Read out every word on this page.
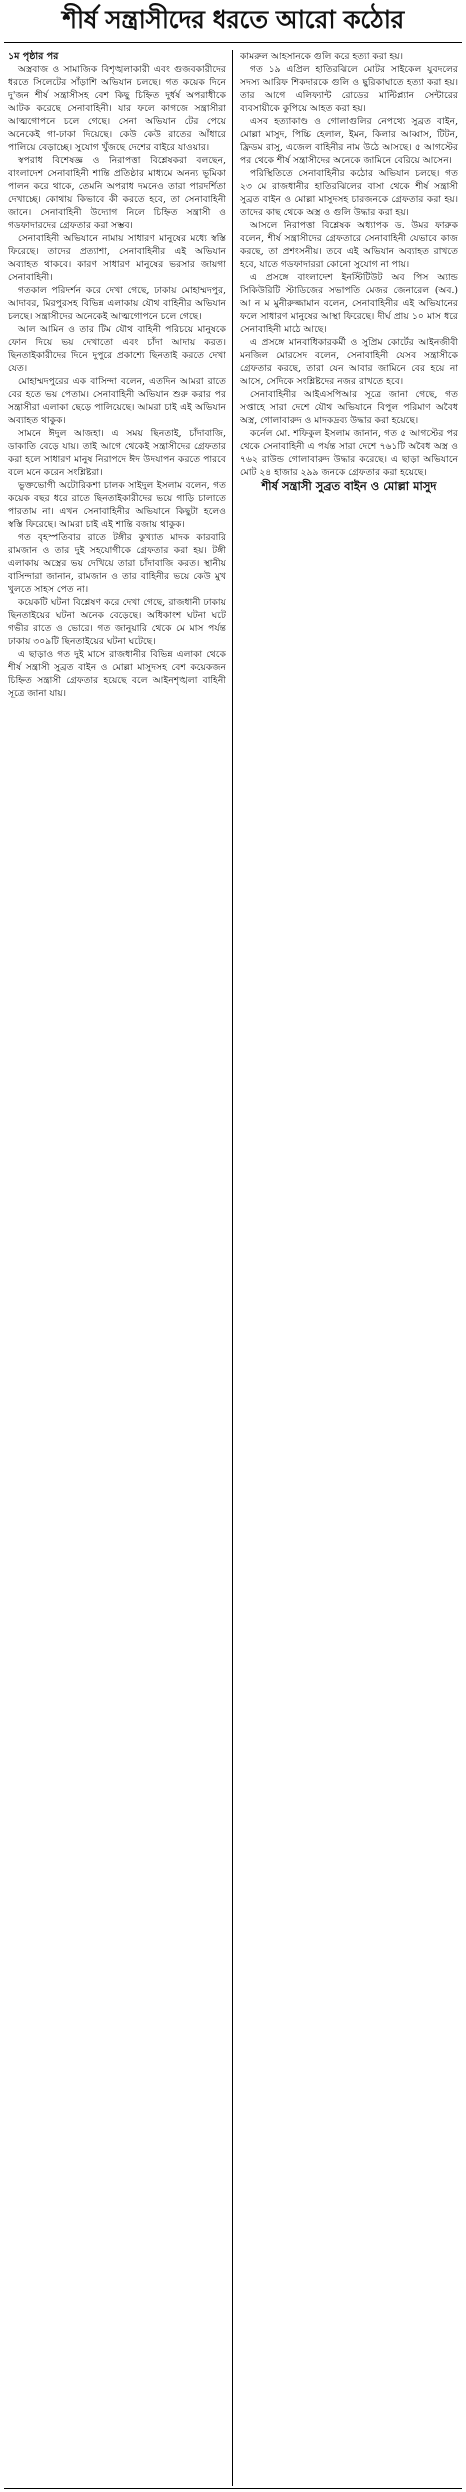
শীর্ষ সন্ত্রাসীদের ধরতে আরো কঠোর

১ম পৃষ্ঠার পর

অস্ত্রবাজ ও সামাজিক বিশৃঙ্খলাকারী এবং গুজবকারীদের ধরতে সিলেটের সাঁড়াশি অভিযান চলছে। গত কয়েক দিনে দু'জন শীর্ষ সন্ত্রাসীসহ বেশ কিছু চিহ্নিত দুর্ধর্ষ অপরাধীকে আটক করেছে সেনাবাহিনী। যার ফলে কাগজে সন্ত্রাসীরা আত্মগোপনে চলে গেছে। সেনা অভিযান টের পেয়ে অনেকেই গা-ঢাকা দিয়েছে। কেউ কেউ রাতের আঁধারে পালিয়ে বেড়াচ্ছে। সুযোগ খুঁজছে দেশের বাইরে যাওয়ার।

স্বপরাধ বিশেষজ্ঞ ও নিরাপত্তা বিশ্লেষকরা বলছেন, বাংলাদেশ সেনাবাহিনী শান্তি প্রতিষ্ঠার মাধ্যমে অনন্য ভূমিকা পালন করে থাকে, তেমনি অপরাধ দমনেও তারা পারদর্শিতা দেখাচ্ছে। কোথায় কিভাবে কী করতে হবে, তা সেনাবাহিনী জানে। সেনাবাহিনী উদ্যোগ নিলে চিহ্নিত সন্ত্রাসী ও গডফাদারদের গ্রেফতার করা সম্ভব।

সেনাবাহিনী অভিযানে নামায় সাধারণ মানুষের মধ্যে স্বস্তি ফিরেছে। তাদের প্রত্যাশা, সেনাবাহিনীর এই অভিযান অব্যাহত থাকবে। কারণ সাধারণ মানুষের ভরসার জায়গা সেনাবাহিনী।

গতকাল পরিদর্শন করে দেখা গেছে, ঢাকায় মোহাম্মদপুর, আদাবর, মিরপুরসহ বিভিন্ন এলাকায় যৌথ বাহিনীর অভিযান চলছে। সন্ত্রাসীদের অনেকেই আত্মগোপনে চলে গেছে।

আল আমিন ও তার টিম যৌথ বাহিনী পরিচয়ে মানুষকে ফোন দিয়ে ভয় দেখাতো এবং চাঁদা আদায় করত। ছিনতাইকারীদের দিনে দুপুরে প্রকাশ্যে ছিনতাই করতে দেখা যেত।

মোহাম্মদপুরের এক বাসিন্দা বলেন, এতদিন আমরা রাতে বের হতে ভয় পেতাম। সেনাবাহিনী অভিযান শুরু করার পর সন্ত্রাসীরা এলাকা ছেড়ে পালিয়েছে। আমরা চাই এই অভিযান অব্যাহত থাকুক।

সামনে ঈদুল আজহা। এ সময় ছিনতাই, চাঁদাবাজি, ডাকাতি বেড়ে যায়। তাই আগে থেকেই সন্ত্রাসীদের গ্রেফতার করা হলে সাধারণ মানুষ নিরাপদে ঈদ উদযাপন করতে পারবে বলে মনে করেন সংশ্লিষ্টরা।

ভুক্তভোগী অটোরিকশা চালক সাইদুল ইসলাম বলেন, গত কয়েক বছর ধরে রাতে ছিনতাইকারীদের ভয়ে গাড়ি চালাতে পারতাম না। এখন সেনাবাহিনীর অভিযানে কিছুটা হলেও স্বস্তি ফিরেছে। আমরা চাই এই শান্তি বজায় থাকুক।

গত বৃহস্পতিবার রাতে টঙ্গীর কুখ্যাত মাদক কারবারি রামজান ও তার দুই সহযোগীকে গ্রেফতার করা হয়। টঙ্গী এলাকায় অস্ত্রের ভয় দেখিয়ে তারা চাঁদাবাজি করত। স্থানীয় বাসিন্দারা জানান, রামজান ও তার বাহিনীর ভয়ে কেউ মুখ খুলতে সাহস পেত না।

কয়েকটি ঘটনা বিশ্লেষণ করে দেখা গেছে, রাজধানী ঢাকায় ছিনতাইয়ের ঘটনা অনেক বেড়েছে। অধিকাংশ ঘটনা ঘটে গভীর রাতে ও ভোরে। গত জানুয়ারি থেকে মে মাস পর্যন্ত ঢাকায় ৩০৯টি ছিনতাইয়ের ঘটনা ঘটেছে।

এ ছাড়াও গত দুই মাসে রাজধানীর বিভিন্ন এলাকা থেকে শীর্ষ সন্ত্রাসী সুব্রত বাইন ও মোল্লা মাসুদসহ বেশ কয়েকজন চিহ্নিত সন্ত্রাসী গ্রেফতার হয়েছে বলে আইনশৃঙ্খলা বাহিনী সূত্রে জানা যায়।

কামরুল আহসানকে গুলি করে হত্যা করা হয়।

গত ১৯ এপ্রিল হাতিরঝিলে মোটর সাইকেল যুবদলের সদস্য আরিফ শিকদারকে গুলি ও ছুরিকাঘাতে হত্যা করা হয়। তার আগে এলিফ্যান্ট রোডের মাল্টিপ্ল্যান সেন্টারের ব্যবসায়ীকে কুপিয়ে আহত করা হয়।

এসব হত্যাকাণ্ড ও গোলাগুলির নেপথ্যে সুব্রত বাইন, মোল্লা মাসুদ, পিচ্চি হেলাল, ইমন, কিলার আব্বাস, টিটন, ফ্রিডম রাসু, এজেল বাহিনীর নাম উঠে আসছে। ৫ আগস্টের পর থেকে শীর্ষ সন্ত্রাসীদের অনেকে জামিনে বেরিয়ে আসেন।

পরিস্থিতিতে সেনাবাহিনীর কঠোর অভিযান চলছে। গত ২৩ মে রাজধানীর হাতিরঝিলের বাসা থেকে শীর্ষ সন্ত্রাসী সুব্রত বাইন ও মোল্লা মাসুদসহ চারজনকে গ্রেফতার করা হয়। তাদের কাছ থেকে অস্ত্র ও গুলি উদ্ধার করা হয়।

আসলে নিরাপত্তা বিশ্লেষক অধ্যাপক ড. উমর ফারুক বলেন, শীর্ষ সন্ত্রাসীদের গ্রেফতারে সেনাবাহিনী যেভাবে কাজ করছে, তা প্রশংসনীয়। তবে এই অভিযান অব্যাহত রাখতে হবে, যাতে গডফাদাররা কোনো সুযোগ না পায়।

এ প্রসঙ্গে বাংলাদেশ ইনস্টিটিউট অব পিস অ্যান্ড সিকিউরিটি স্টাডিজের সভাপতি মেজর জেনারেল (অব.) আ ন ম মুনীরুজ্জামান বলেন, সেনাবাহিনীর এই অভিযানের ফলে সাধারণ মানুষের আস্থা ফিরেছে। দীর্ঘ প্রায় ১০ মাস ধরে সেনাবাহিনী মাঠে আছে।

এ প্রসঙ্গে মানবাধিকারকর্মী ও সুপ্রিম কোর্টের আইনজীবী মনজিল মোরসেদ বলেন, সেনাবাহিনী যেসব সন্ত্রাসীকে গ্রেফতার করছে, তারা যেন আবার জামিনে বের হয়ে না আসে, সেদিকে সংশ্লিষ্টদের নজর রাখতে হবে।

সেনাবাহিনীর আইএসপিআর সূত্রে জানা গেছে, গত সপ্তাহে সারা দেশে যৌথ অভিযানে বিপুল পরিমাণ অবৈধ অস্ত্র, গোলাবারুদ ও মাদকদ্রব্য উদ্ধার করা হয়েছে।

কর্নেল মো. শফিকুল ইসলাম জানান, গত ৫ আগস্টের পর থেকে সেনাবাহিনী এ পর্যন্ত সারা দেশে ৭৬১টি অবৈধ অস্ত্র ও ৭৬২ রাউন্ড গোলাবারুদ উদ্ধার করেছে। এ ছাড়া অভিযানে মোট ২৪ হাজার ২৯৯ জনকে গ্রেফতার করা হয়েছে।

শীর্ষ সন্ত্রাসী সুব্রত বাইন ও মোল্লা মাসুদ
